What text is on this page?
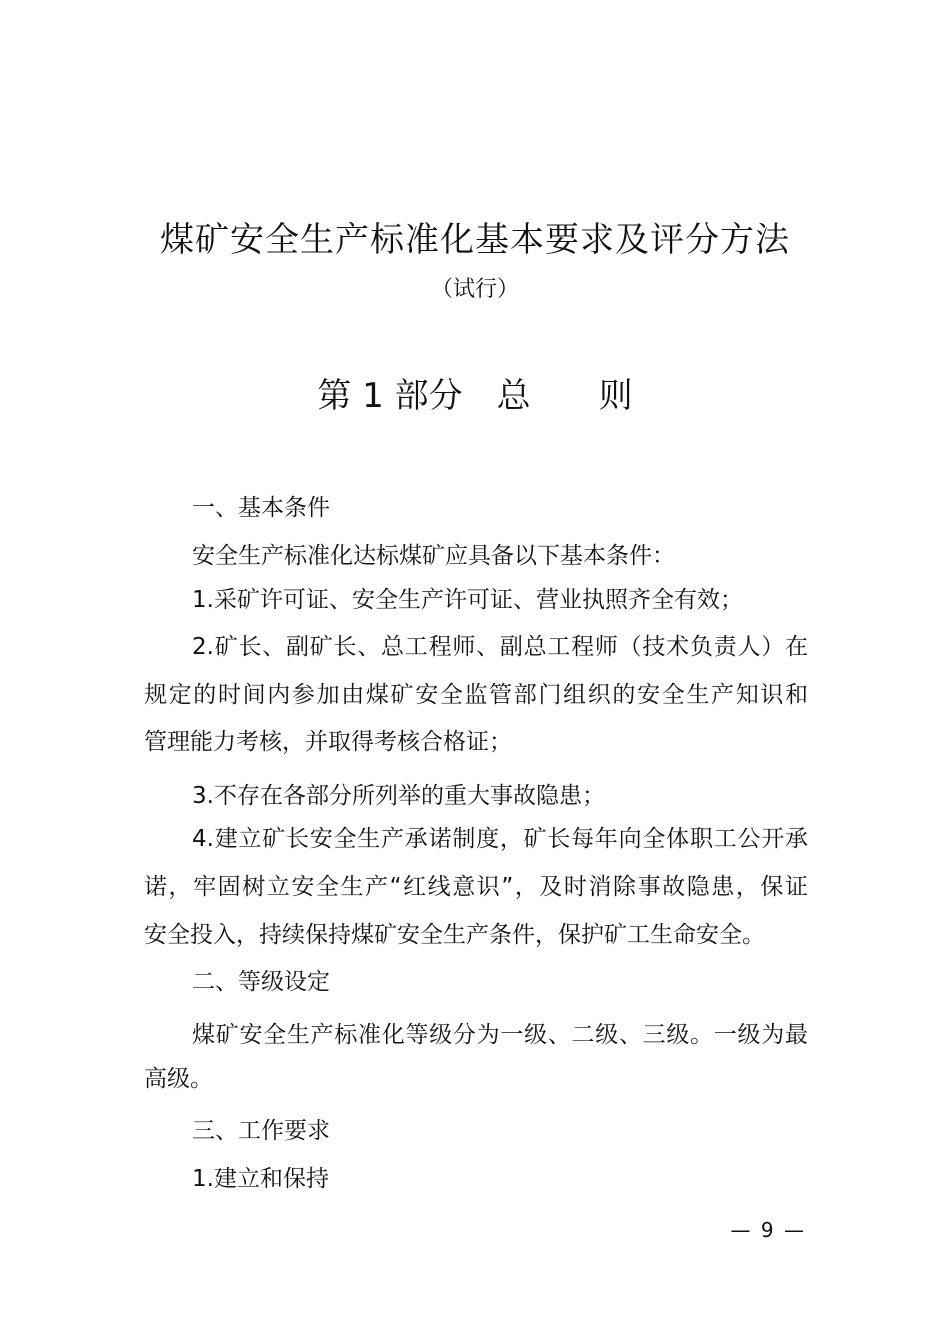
煤矿安全生产标准化基本要求及评分方法
（试行）
第 1 部分 总 则
一、基本条件
安全生产标准化达标煤矿应具备以下基本条件：
1.采矿许可证、安全生产许可证、营业执照齐全有效；
2.矿长、副矿长、总工程师、副总工程师（技术负责人）在
规定的时间内参加由煤矿安全监管部门组织的安全生产知识和
管理能力考核，并取得考核合格证；
3.不存在各部分所列举的重大事故隐患；
4.建立矿长安全生产承诺制度，矿长每年向全体职工公开承
诺，牢固树立安全生产“红线意识”，及时消除事故隐患，保证
安全投入，持续保持煤矿安全生产条件，保护矿工生命安全。
二、等级设定
煤矿安全生产标准化等级分为一级、二级、三级。一级为最
高级。
三、工作要求
1.建立和保持
— 9 —
